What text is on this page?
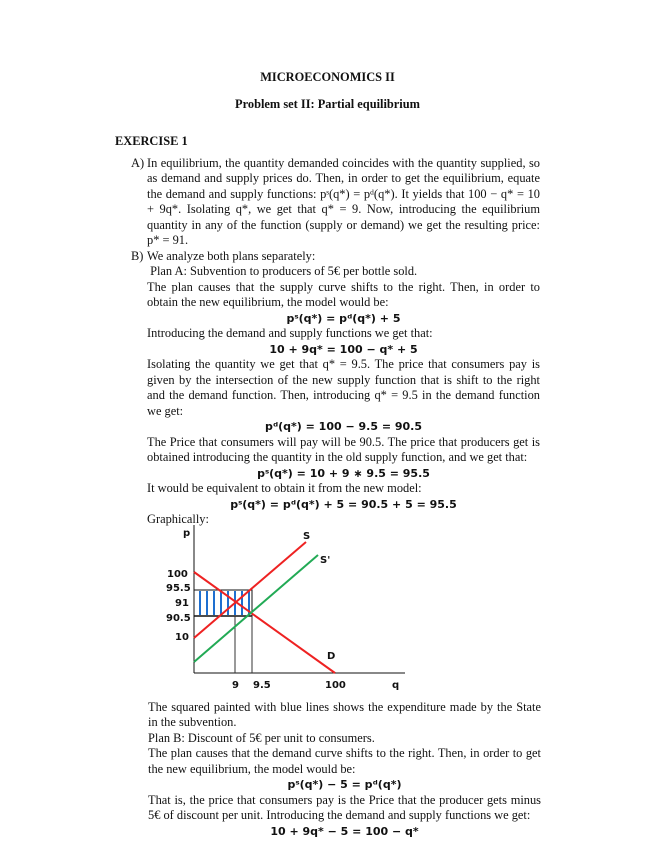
MICROECONOMICS II
Problem set II: Partial equilibrium
EXERCISE 1
A) In equilibrium, the quantity demanded coincides with the quantity supplied, so as demand and supply prices do. Then, in order to get the equilibrium, equate the demand and supply functions: pˢ(q*) = pᵈ(q*). It yields that 100 − q* = 10 + 9q*. Isolating q*, we get that q* = 9. Now, introducing the equilibrium quantity in any of the function (supply or demand) we get the resulting price: p* = 91.
B) We analyze both plans separately:

Plan A: Subvention to producers of 5€ per bottle sold.

The plan causes that the supply curve shifts to the right. Then, in order to obtain the new equilibrium, the model would be:

pˢ(q*) = pᵈ(q*) + 5

Introducing the demand and supply functions we get that:

10 + 9q* = 100 − q* + 5

Isolating the quantity we get that q* = 9.5. The price that consumers pay is given by the intersection of the new supply function that is shift to the right and the demand function. Then, introducing q* = 9.5 in the demand function we get:

pᵈ(q*) = 100 − 9.5 = 90.5

The Price that consumers will pay will be 90.5. The price that producers get is obtained introducing the quantity in the old supply function, and we get that:

pˢ(q*) = 10 + 9 ∗ 9.5 = 95.5

It would be equivalent to obtain it from the new model:

pˢ(q*) = pᵈ(q*) + 5 = 90.5 + 5 = 95.5

Graphically:

p
q
100
95.5
91
90.5
10
9 9.5	100
S
S'
D

The squared painted with blue lines shows the expenditure made by the State in the subvention.

Plan B: Discount of 5€ per unit to consumers.

The plan causes that the demand curve shifts to the right. Then, in order to get the new equilibrium, the model would be:

pˢ(q*) − 5 = pᵈ(q*)

That is, the price that consumers pay is the Price that the producer gets minus 5€ of discount per unit. Introducing the demand and supply functions we get:

10 + 9q* − 5 = 100 − q*
